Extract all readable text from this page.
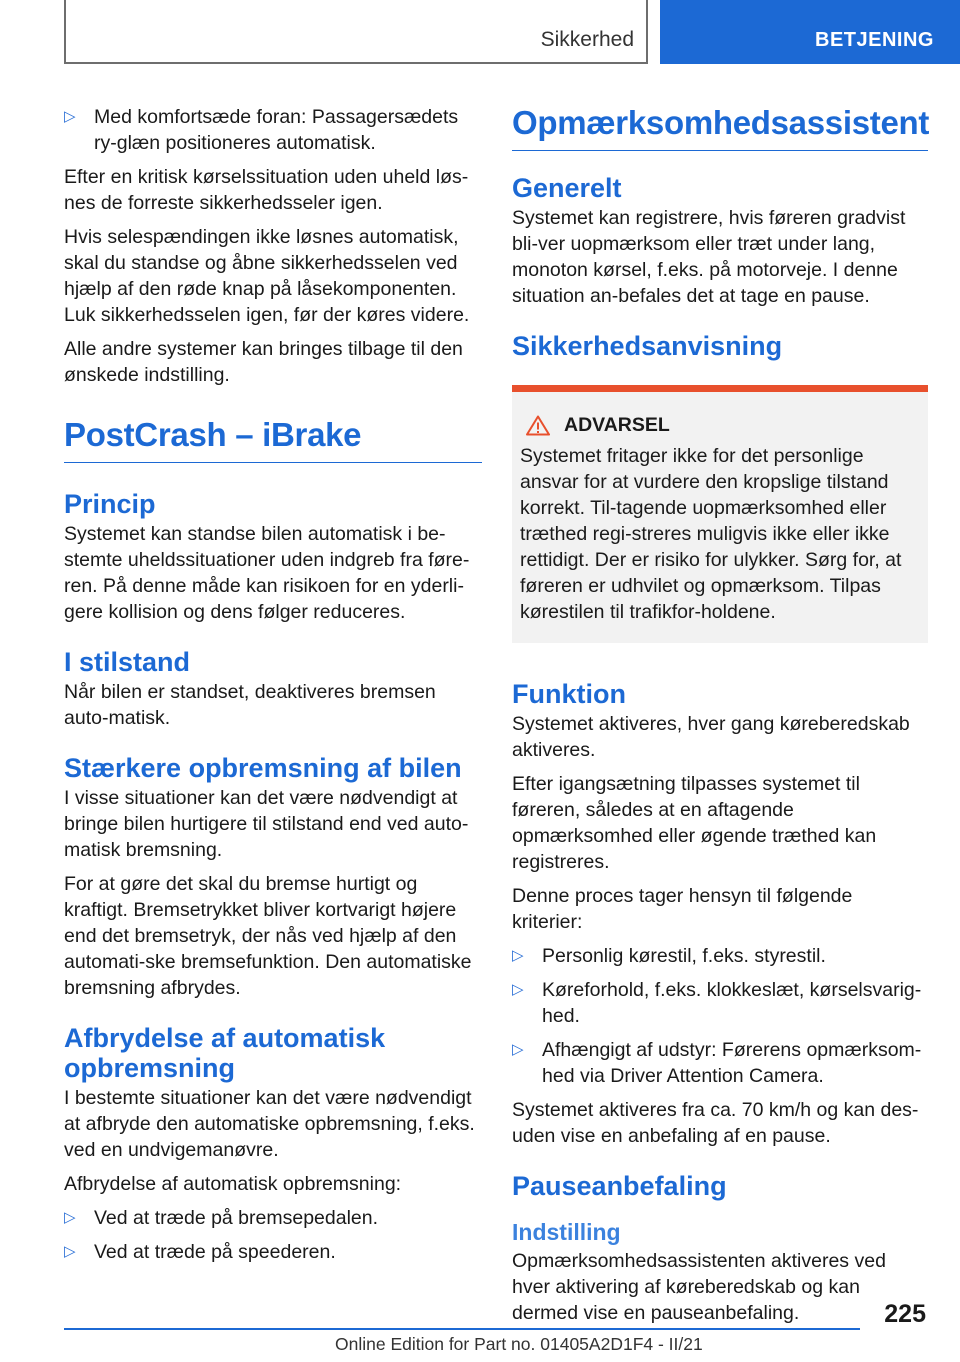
Sikkerhed	BETJENING
▷ Med komfortsæde foran: Passagersædets ry-glæn positioneres automatisk.

Efter en kritisk kørselssituation uden uheld løs-nes de forreste sikkerhedsseler igen.

Hvis selespændingen ikke løsnes automatisk, skal du standse og åbne sikkerhedsselen ved hjælp af den røde knap på låsekomponenten. Luk sikkerhedsselen igen, før der køres videre.

Alle andre systemer kan bringes tilbage til den ønskede indstilling.

PostCrash – iBrake
Princip

Systemet kan standse bilen automatisk i be-stemte uheldssituationer uden indgreb fra føre-ren. På denne måde kan risikoen for en yderli-gere kollision og dens følger reduceres.

I stilstand

Når bilen er standset, deaktiveres bremsen auto-matisk.

Stærkere opbremsning af bilen

I visse situationer kan det være nødvendigt at bringe bilen hurtigere til stilstand end ved auto-matisk bremsning.

For at gøre det skal du bremse hurtigt og kraftigt. Bremsetrykket bliver kortvarigt højere end det bremsetryk, der nås ved hjælp af den automati-ske bremsefunktion. Den automatiske bremsning afbrydes.

Afbrydelse af automatisk opbremsning

I bestemte situationer kan det være nødvendigt at afbryde den automatiske opbremsning, f.eks. ved en undvigemanøvre.

Afbrydelse af automatisk opbremsning:

▷ Ved at træde på bremsepedalen.
▷ Ved at træde på speederen.
Opmærksomhedsassistent
Generelt

Systemet kan registrere, hvis føreren gradvist bli-ver uopmærksom eller træt under lang, monoton kørsel, f.eks. på motorveje. I denne situation an-befales det at tage en pause.

Sikkerhedsanvisning
ADVARSEL

Systemet fritager ikke for det personlige ansvar for at vurdere den kropslige tilstand korrekt. Til-tagende uopmærksomhed eller træthed regi-streres muligvis ikke eller ikke rettidigt. Der er risiko for ulykker. Sørg for, at føreren er udhvilet og opmærksom. Tilpas kørestilen til trafikfor-holdene.

Funktion

Systemet aktiveres, hver gang køreberedskab aktiveres.

Efter igangsætning tilpasses systemet til føreren, således at en aftagende opmærksomhed eller øgende træthed kan registreres.

Denne proces tager hensyn til følgende kriterier:

▷ Personlig kørestil, f.eks. styrestil.
▷ Køreforhold, f.eks. klokkeslæt, kørselsvarig-hed.
▷ Afhængigt af udstyr: Førerens opmærksom-hed via Driver Attention Camera.

Systemet aktiveres fra ca. 70 km/h og kan des-uden vise en anbefaling af en pause.

Pauseanbefaling
Indstilling

Opmærksomhedsassistenten aktiveres ved hver aktivering af køreberedskab og kan dermed vise en pauseanbefaling.	225
Online Edition for Part no. 01405A2D1F4 - II/21
